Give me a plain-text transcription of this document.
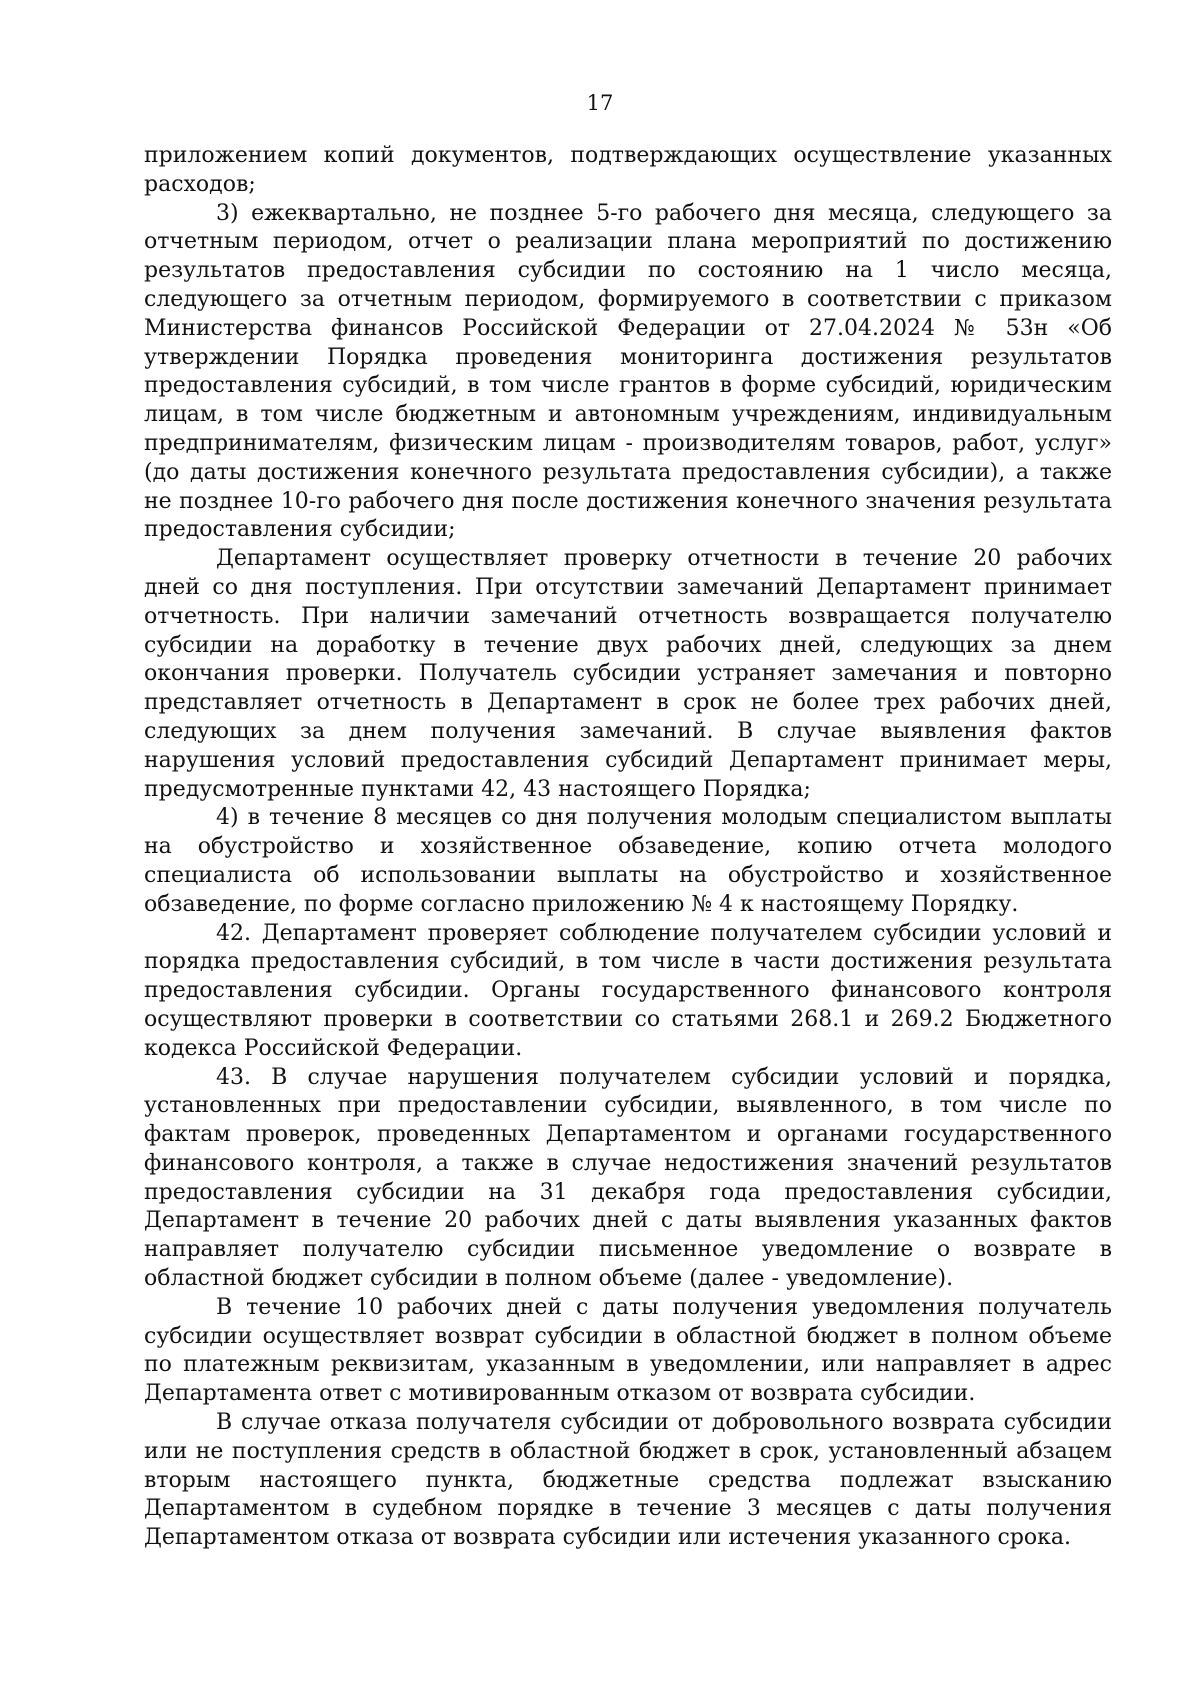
17

приложением копий документов, подтверждающих осуществление указанных расходов;

3) ежеквартально, не позднее 5-го рабочего дня месяца, следующего за отчетным периодом, отчет о реализации плана мероприятий по достижению результатов предоставления субсидии по состоянию на 1 число месяца, следующего за отчетным периодом, формируемого в соответствии с приказом Министерства финансов Российской Федерации от 27.04.2024 № 53н «Об утверждении Порядка проведения мониторинга достижения результатов предоставления субсидий, в том числе грантов в форме субсидий, юридическим лицам, в том числе бюджетным и автономным учреждениям, индивидуальным предпринимателям, физическим лицам - производителям товаров, работ, услуг» (до даты достижения конечного результата предоставления субсидии), а также не позднее 10-го рабочего дня после достижения конечного значения результата предоставления субсидии;

Департамент осуществляет проверку отчетности в течение 20 рабочих дней со дня поступления. При отсутствии замечаний Департамент принимает отчетность. При наличии замечаний отчетность возвращается получателю субсидии на доработку в течение двух рабочих дней, следующих за днем окончания проверки. Получатель субсидии устраняет замечания и повторно представляет отчетность в Департамент в срок не более трех рабочих дней, следующих за днем получения замечаний. В случае выявления фактов нарушения условий предоставления субсидий Департамент принимает меры, предусмотренные пунктами 42, 43 настоящего Порядка;

4) в течение 8 месяцев со дня получения молодым специалистом выплаты на обустройство и хозяйственное обзаведение, копию отчета молодого специалиста об использовании выплаты на обустройство и хозяйственное обзаведение, по форме согласно приложению № 4 к настоящему Порядку.

42. Департамент проверяет соблюдение получателем субсидии условий и порядка предоставления субсидий, в том числе в части достижения результата предоставления субсидии. Органы государственного финансового контроля осуществляют проверки в соответствии со статьями 268.1 и 269.2 Бюджетного кодекса Российской Федерации.

43. В случае нарушения получателем субсидии условий и порядка, установленных при предоставлении субсидии, выявленного, в том числе по фактам проверок, проведенных Департаментом и органами государственного финансового контроля, а также в случае недостижения значений результатов предоставления субсидии на 31 декабря года предоставления субсидии, Департамент в течение 20 рабочих дней с даты выявления указанных фактов направляет получателю субсидии письменное уведомление о возврате в областной бюджет субсидии в полном объеме (далее - уведомление).

В течение 10 рабочих дней с даты получения уведомления получатель субсидии осуществляет возврат субсидии в областной бюджет в полном объеме по платежным реквизитам, указанным в уведомлении, или направляет в адрес Департамента ответ с мотивированным отказом от возврата субсидии.

В случае отказа получателя субсидии от добровольного возврата субсидии или не поступления средств в областной бюджет в срок, установленный абзацем вторым настоящего пункта, бюджетные средства подлежат взысканию Департаментом в судебном порядке в течение 3 месяцев с даты получения Департаментом отказа от возврата субсидии или истечения указанного срока.
